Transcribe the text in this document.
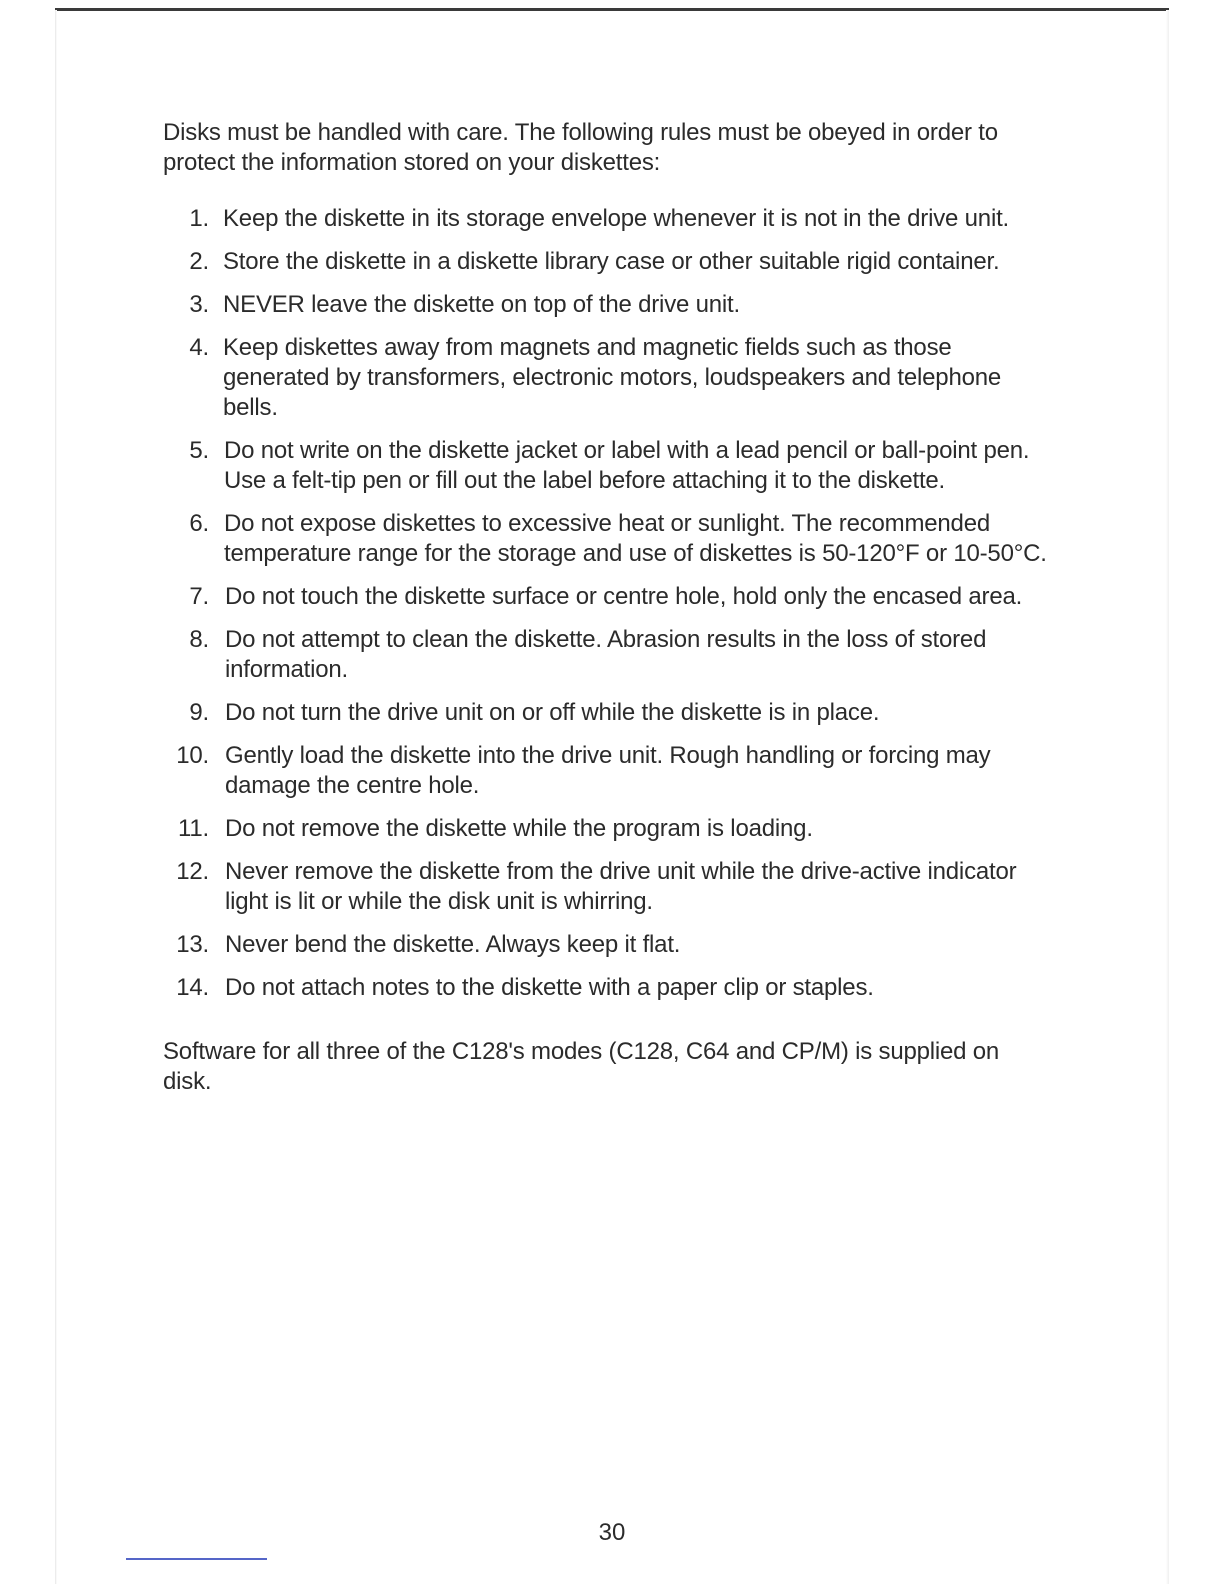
Disks must be handled with care. The following rules must be obeyed in order to protect the information stored on your diskettes:

1. Keep the diskette in its storage envelope whenever it is not in the drive unit.
2. Store the diskette in a diskette library case or other suitable rigid container.
3. NEVER leave the diskette on top of the drive unit.
4. Keep diskettes away from magnets and magnetic fields such as those generated by transformers, electronic motors, loudspeakers and telephone bells.
5. Do not write on the diskette jacket or label with a lead pencil or ball-point pen. Use a felt-tip pen or fill out the label before attaching it to the diskette.
6. Do not expose diskettes to excessive heat or sunlight. The recommended temperature range for the storage and use of diskettes is 50-120°F or 10-50°C.
7. Do not touch the diskette surface or centre hole, hold only the encased area.
8. Do not attempt to clean the diskette. Abrasion results in the loss of stored information.
9. Do not turn the drive unit on or off while the diskette is in place.
10. Gently load the diskette into the drive unit. Rough handling or forcing may damage the centre hole.
11. Do not remove the diskette while the program is loading.
12. Never remove the diskette from the drive unit while the drive-active indicator light is lit or while the disk unit is whirring.
13. Never bend the diskette. Always keep it flat.
14. Do not attach notes to the diskette with a paper clip or staples.

Software for all three of the C128's modes (C128, C64 and CP/M) is supplied on disk.

30
